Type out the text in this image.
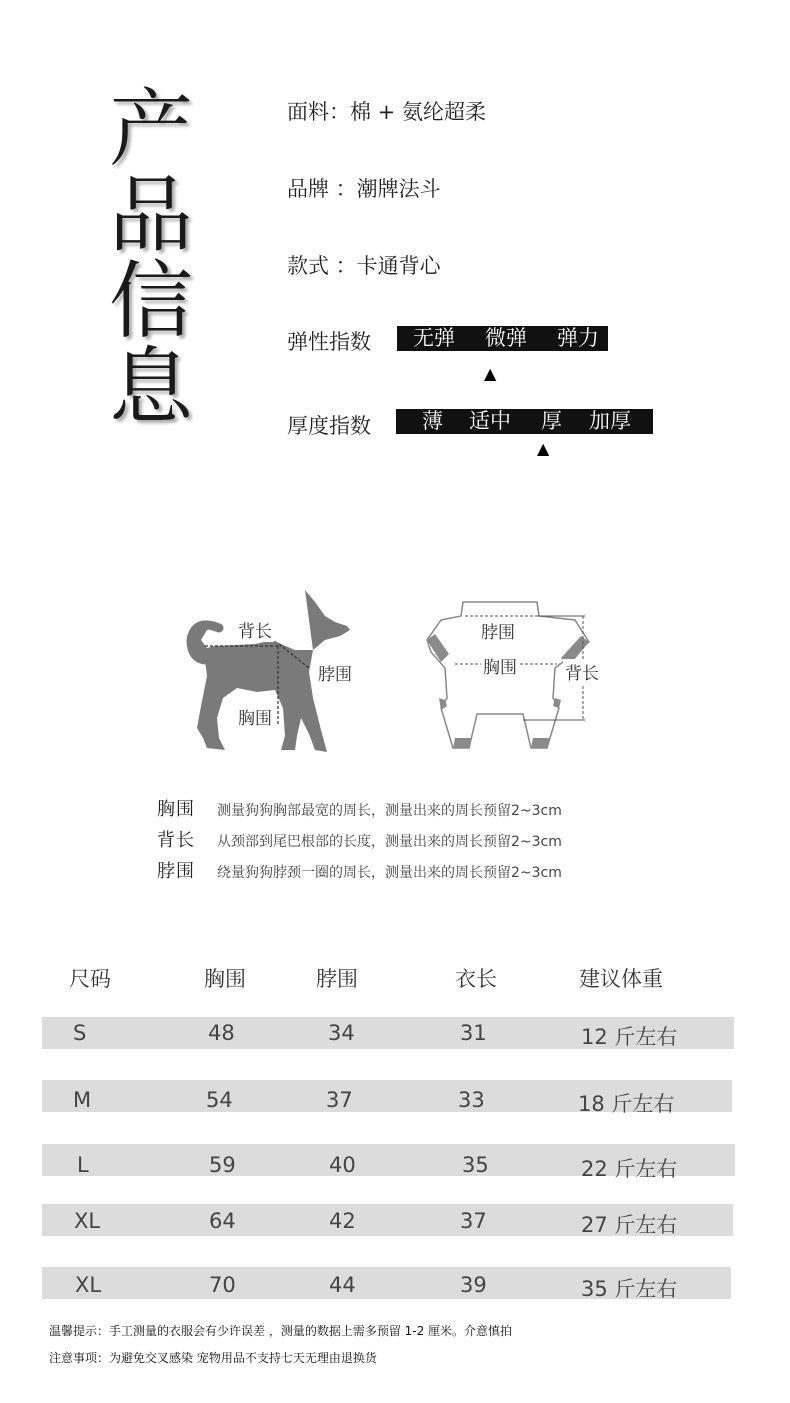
产
品
信
息
面料：棉 + 氨纶超柔
品牌 ：潮牌法斗
款式 ：卡通背心
弹性指数 无弹 微弹 弹力
▲
厚度指数 薄 适中 厚 加厚
▲
背长
脖围
胸围
脖围
胸围	背长
胸围 测量狗狗胸部最宽的周长，测量出来的周长预留2~3cm
背长 从颈部到尾巴根部的长度，测量出来的周长预留2~3cm
脖围 绕量狗狗脖颈一圈的周长，测量出来的周长预留2~3cm
尺码	胸围	脖围	衣长	建议体重
S	48	34	31	12 斤左右
M	54	37	33	18 斤左右
L	59	40	35	22 斤左右
XL	64	42	37	27 斤左右
XL	70	44	39	35 斤左右
温馨提示：手工测量的衣服会有少许误差 ，测量的数据上需多预留 1-2 厘米。介意慎拍
注意事项：为避免交叉感染 宠物用品不支持七天无理由退换货
